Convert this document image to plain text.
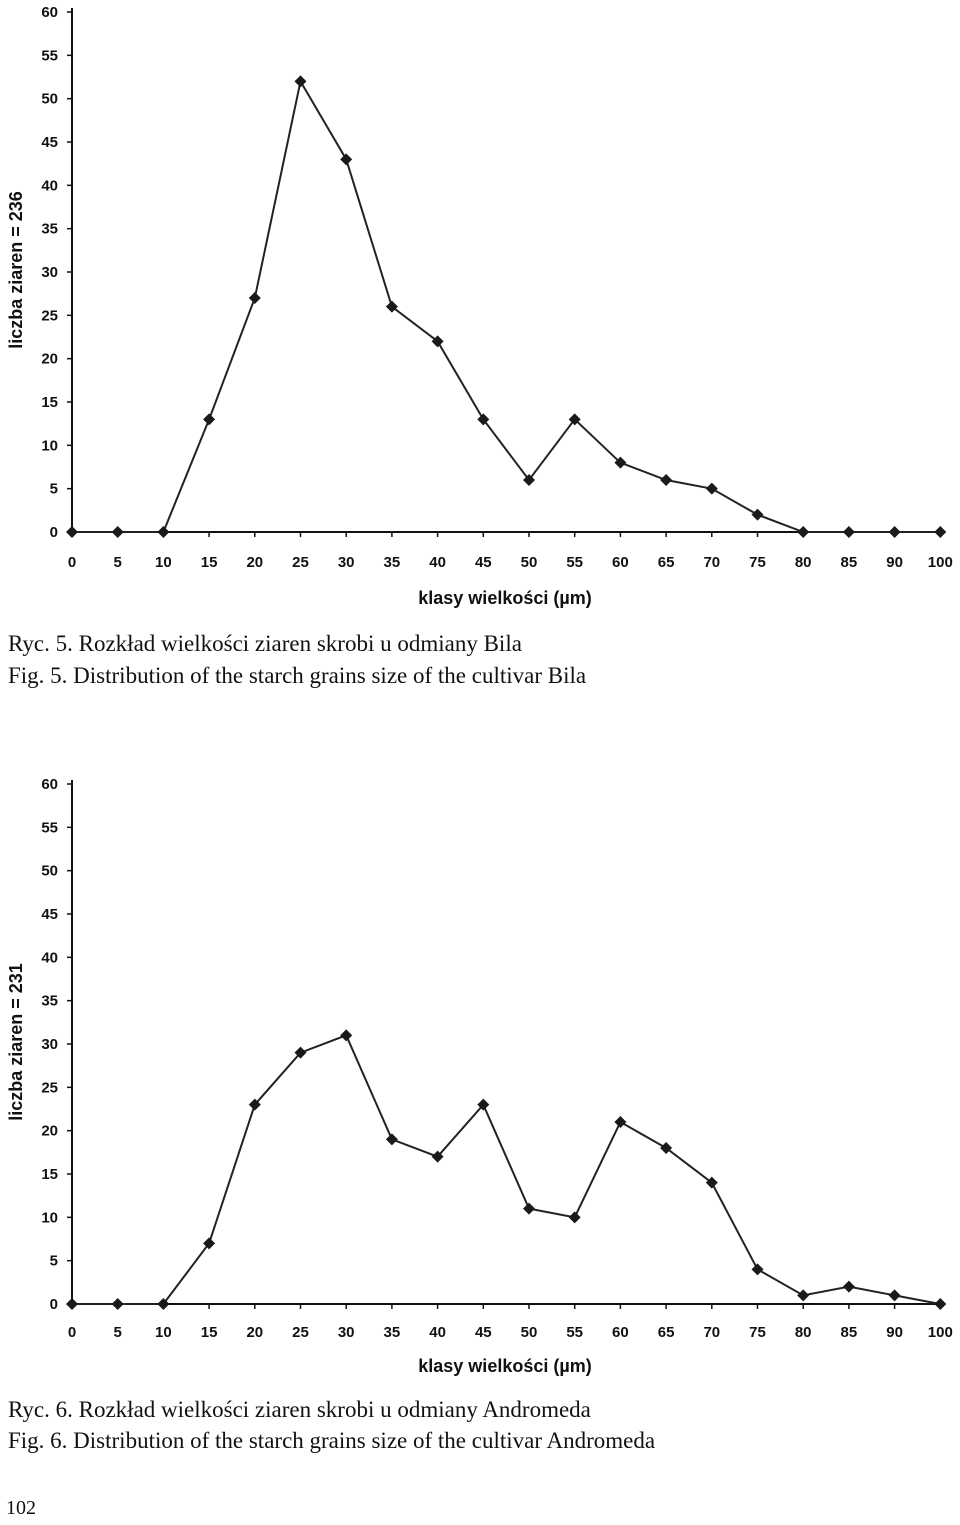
0
5
10
15
20
25
30
35
40
45
50
55
60
0 5 10 15 20 25 30 35 40 45 50 55 60 65 70 75 80 85 90 100
klasy wielkości (µm)
liczba ziaren = 236
Ryc. 5. Rozkład wielkości ziaren skrobi u odmiany Bila
Fig. 5. Distribution of the starch grains size of the cultivar Bila
0
5
10
15
20
25
30
35
40
45
50
55
60
0 5 10 15 20 25 30 35 40 45 50 55 60 65 70 75 80 85 90 100
klasy wielkości (µm)
liczba ziaren = 231
Ryc. 6. Rozkład wielkości ziaren skrobi u odmiany Andromeda
Fig. 6. Distribution of the starch grains size of the cultivar Andromeda
102
